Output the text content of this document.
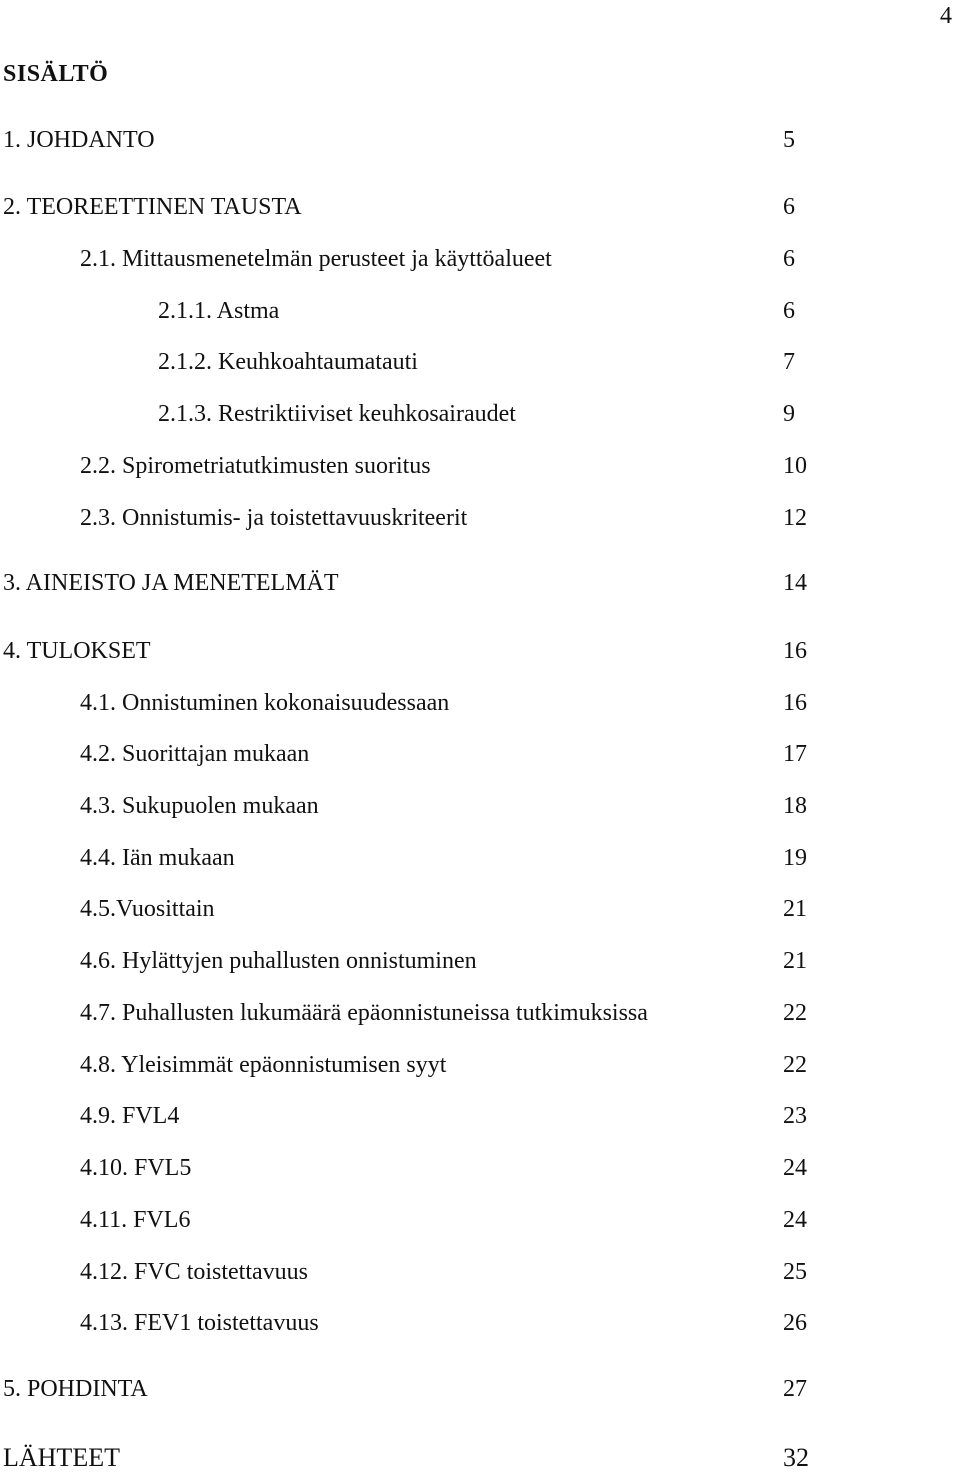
4
SISÄLTÖ
1. JOHDANTO	5
2. TEOREETTINEN TAUSTA	6
2.1. Mittausmenetelmän perusteet ja käyttöalueet	6
2.1.1. Astma	6
2.1.2. Keuhkoahtaumatauti	7
2.1.3. Restriktiiviset keuhkosairaudet	9
2.2. Spirometriatutkimusten suoritus	10
2.3. Onnistumis- ja toistettavuuskriteerit	12
3. AINEISTO JA MENETELMÄT	14
4. TULOKSET	16
4.1. Onnistuminen kokonaisuudessaan	16
4.2. Suorittajan mukaan	17
4.3. Sukupuolen mukaan	18
4.4. Iän mukaan	19
4.5.Vuosittain	21
4.6. Hylättyjen puhallusten onnistuminen	21
4.7. Puhallusten lukumäärä epäonnistuneissa tutkimuksissa	22
4.8. Yleisimmät epäonnistumisen syyt	22
4.9. FVL4	23
4.10. FVL5	24
4.11. FVL6	24
4.12. FVC toistettavuus	25
4.13. FEV1 toistettavuus	26
5. POHDINTA	27
LÄHTEET	32
